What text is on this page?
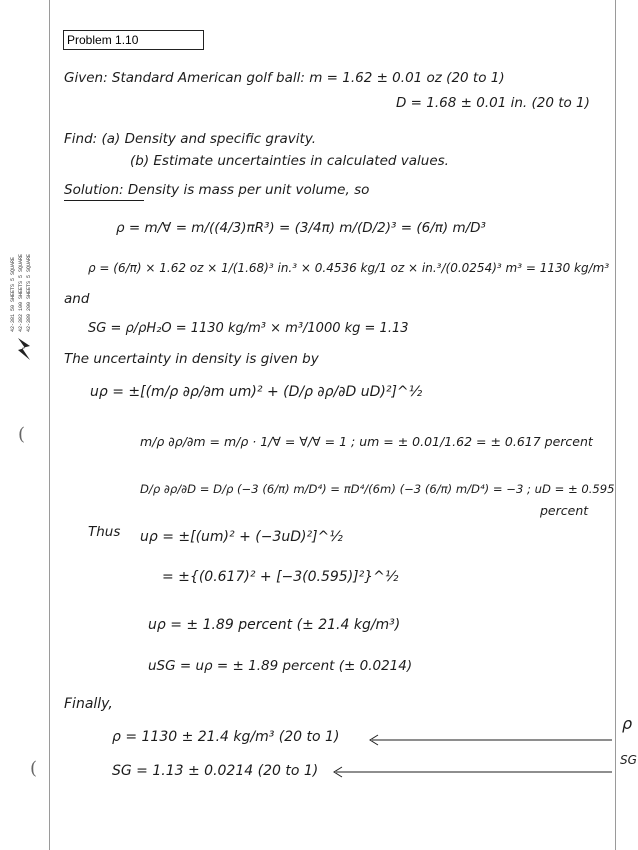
42-381 50 SHEETS 5 SQUARE 42-382 100 SHEETS 5 SQUARE 42-389 200 SHEETS 5 SQUARE
(
(
Problem 1.10
Given: Standard American golf ball: m = 1.62 ± 0.01 oz (20 to 1)
D = 1.68 ± 0.01 in. (20 to 1)
Find: (a) Density and specific gravity.
(b) Estimate uncertainties in calculated values.
Solution: Density is mass per unit volume, so
ρ = m/∀ = m/((4/3)πR³) = (3/4π) m/(D/2)³ = (6/π) m/D³
ρ = (6/π) × 1.62 oz × 1/(1.68)³ in.³ × 0.4536 kg/1 oz × in.³/(0.0254)³ m³ = 1130 kg/m³
and
SG = ρ/ρH₂O = 1130 kg/m³ × m³/1000 kg = 1.13
The uncertainty in density is given by
uρ = ±[(m/ρ ∂ρ/∂m um)² + (D/ρ ∂ρ/∂D uD)²]^½
m/ρ ∂ρ/∂m = m/ρ · 1/∀ = ∀/∀ = 1 ; um = ± 0.01/1.62 = ± 0.617 percent
D/ρ ∂ρ/∂D = D/ρ (−3 (6/π) m/D⁴) = πD⁴/(6m) (−3 (6/π) m/D⁴) = −3 ; uD = ± 0.595
percent
Thus uρ = ±[(um)² + (−3uD)²]^½
= ±{(0.617)² + [−3(0.595)]²}^½
uρ = ± 1.89 percent (± 21.4 kg/m³)
uSG = uρ = ± 1.89 percent (± 0.0214)
Finally,
ρ = 1130 ± 21.4 kg/m³ (20 to 1)
SG = 1.13 ± 0.0214 (20 to 1)
ρ
SG
